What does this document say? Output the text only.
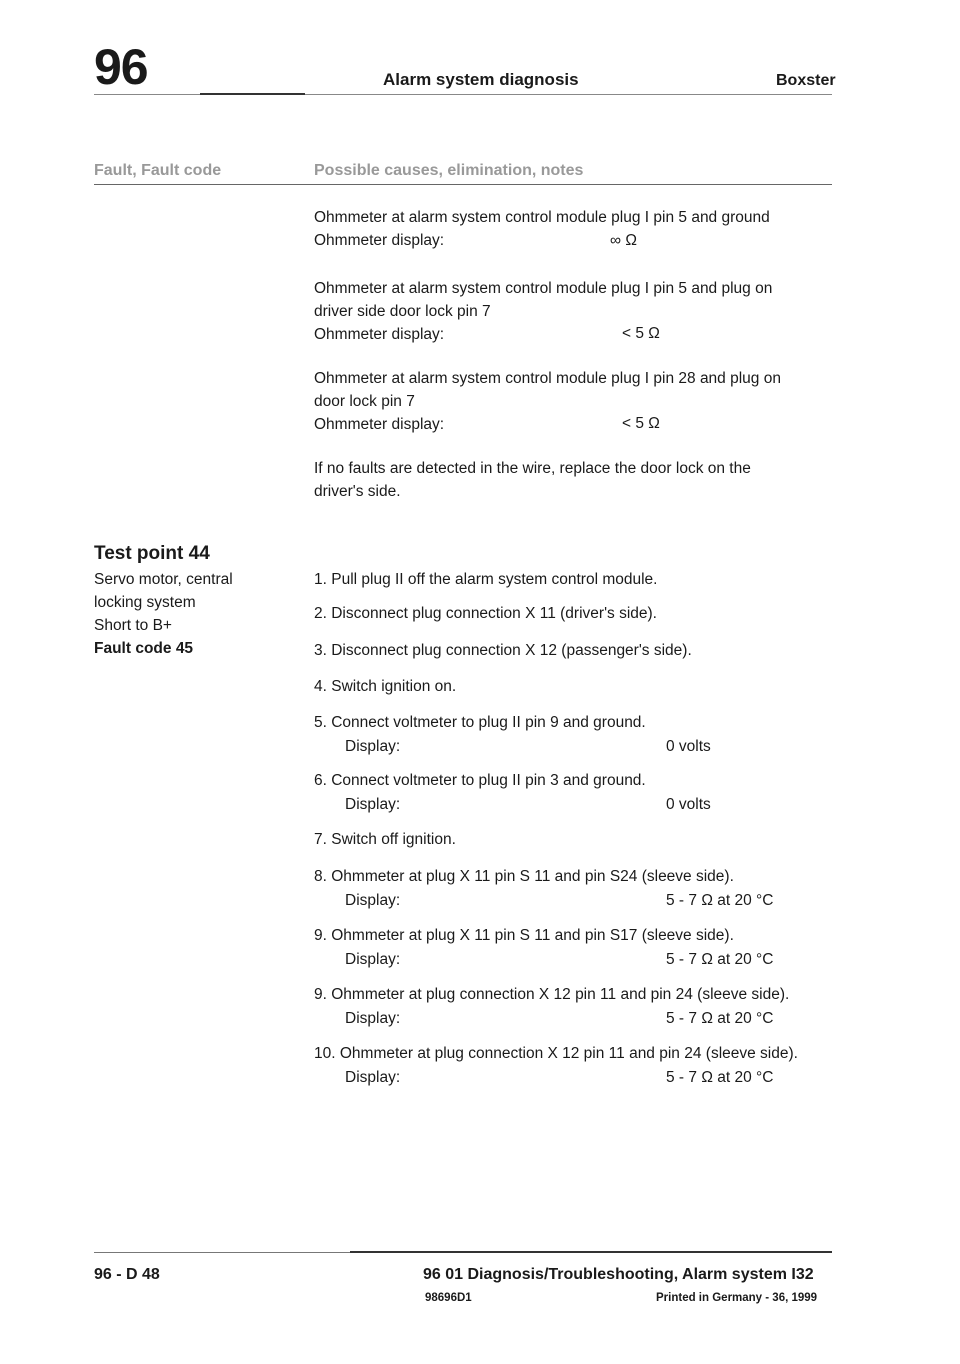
96	Alarm system diagnosis	Boxster
Fault, Fault code	Possible causes, elimination, notes
Ohmmeter at alarm system control module plug I pin 5 and ground
Ohmmeter display:	∞ Ω
Ohmmeter at alarm system control module plug I pin 5 and plug on
driver side door lock pin 7
Ohmmeter display:	< 5 Ω
Ohmmeter at alarm system control module plug I pin 28 and plug on
door lock pin 7
Ohmmeter display:	< 5 Ω
If no faults are detected in the wire, replace the door lock on the
driver's side.
Test point 44
Servo motor, central
locking system
Short to B+
Fault code 45
1. Pull plug II off the alarm system control module.
2. Disconnect plug connection X 11 (driver's side).
3. Disconnect plug connection X 12 (passenger's side).
4. Switch ignition on.
5. Connect voltmeter to plug II pin 9 and ground.
Display:	0 volts
6. Connect voltmeter to plug II pin 3 and ground.
Display:	0 volts
7. Switch off ignition.
8. Ohmmeter at plug X 11 pin S 11 and pin S24 (sleeve side).
Display:	5 - 7 Ω at 20 °C
9. Ohmmeter at plug X 11 pin S 11 and pin S17 (sleeve side).
Display:	5 - 7 Ω at 20 °C
9. Ohmmeter at plug connection X 12 pin 11 and pin 24 (sleeve side).
Display:	5 - 7 Ω at 20 °C
10. Ohmmeter at plug connection X 12 pin 11 and pin 24 (sleeve side).
Display:	5 - 7 Ω at 20 °C
96 - D 48	96 01 Diagnosis/Troubleshooting, Alarm system I32
98696D1	Printed in Germany - 36, 1999
